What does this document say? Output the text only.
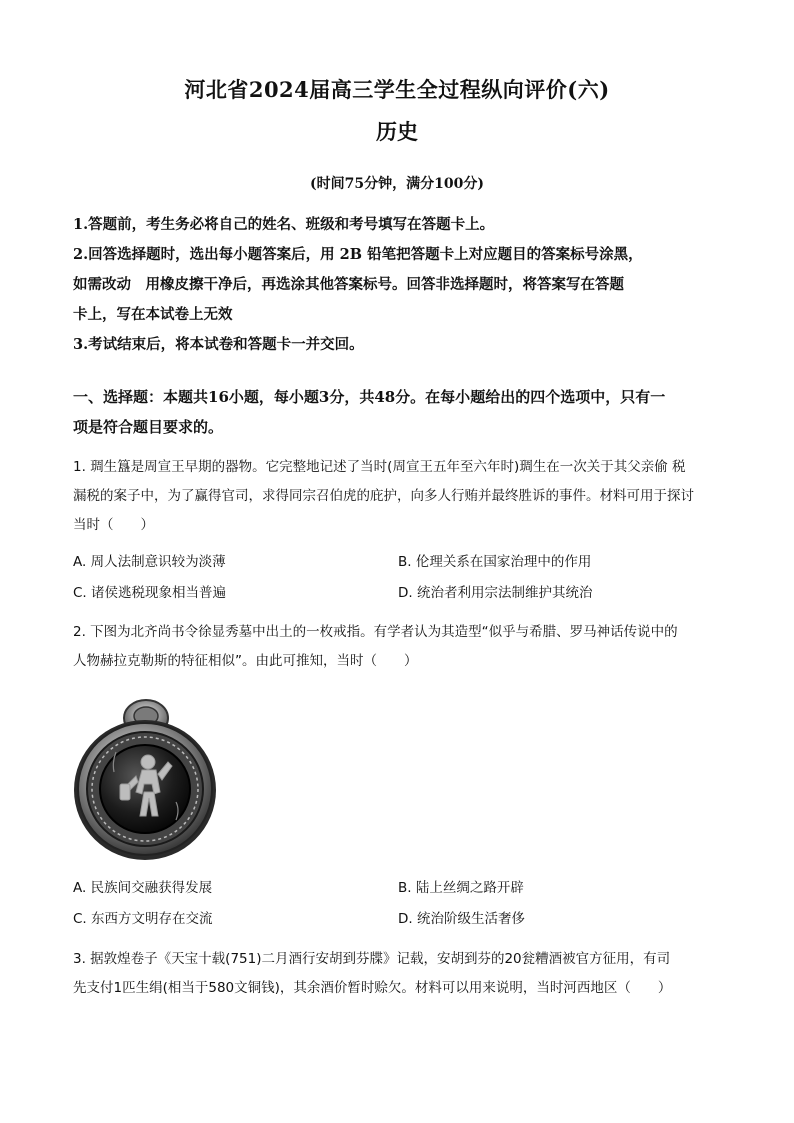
河北省2024届高三学生全过程纵向评价(六)
历史
(时间75分钟，满分100分)
1.答题前，考生务必将自己的姓名、班级和考号填写在答题卡上。
2.回答选择题时，选出每小题答案后，用 2B 铅笔把答题卡上对应题目的答案标号涂黑，
如需改动　用橡皮擦干净后，再选涂其他答案标号。回答非选择题时，将答案写在答题
卡上，写在本试卷上无效
3.考试结束后，将本试卷和答题卡一并交回。
一、选择题：本题共16小题，每小题3分，共48分。在每小题给出的四个选项中，只有一
项是符合题目要求的。
1. 琱生簋是周宣王早期的器物。它完整地记述了当时(周宣王五年至六年时)琱生在一次关于其父亲偷 税
漏税的案子中，为了赢得官司，求得同宗召伯虎的庇护，向多人行贿并最终胜诉的事件。材料可用于探讨
当时（　　）
A. 周人法制意识较为淡薄	B. 伦理关系在国家治理中的作用
C. 诸侯逃税现象相当普遍	D. 统治者利用宗法制维护其统治
2. 下图为北齐尚书令徐显秀墓中出土的一枚戒指。有学者认为其造型“似乎与希腊、罗马神话传说中的
人物赫拉克勒斯的特征相似”。由此可推知，当时（　　）
A. 民族间交融获得发展	B. 陆上丝绸之路开辟
C. 东西方文明存在交流	D. 统治阶级生活奢侈
3. 据敦煌卷子《天宝十载(751)二月酒行安胡到芬牒》记载，安胡到芬的20瓮糟酒被官方征用，有司
先支付1匹生绢(相当于580文铜钱)，其余酒价暂时赊欠。材料可以用来说明，当时河西地区（　　）
